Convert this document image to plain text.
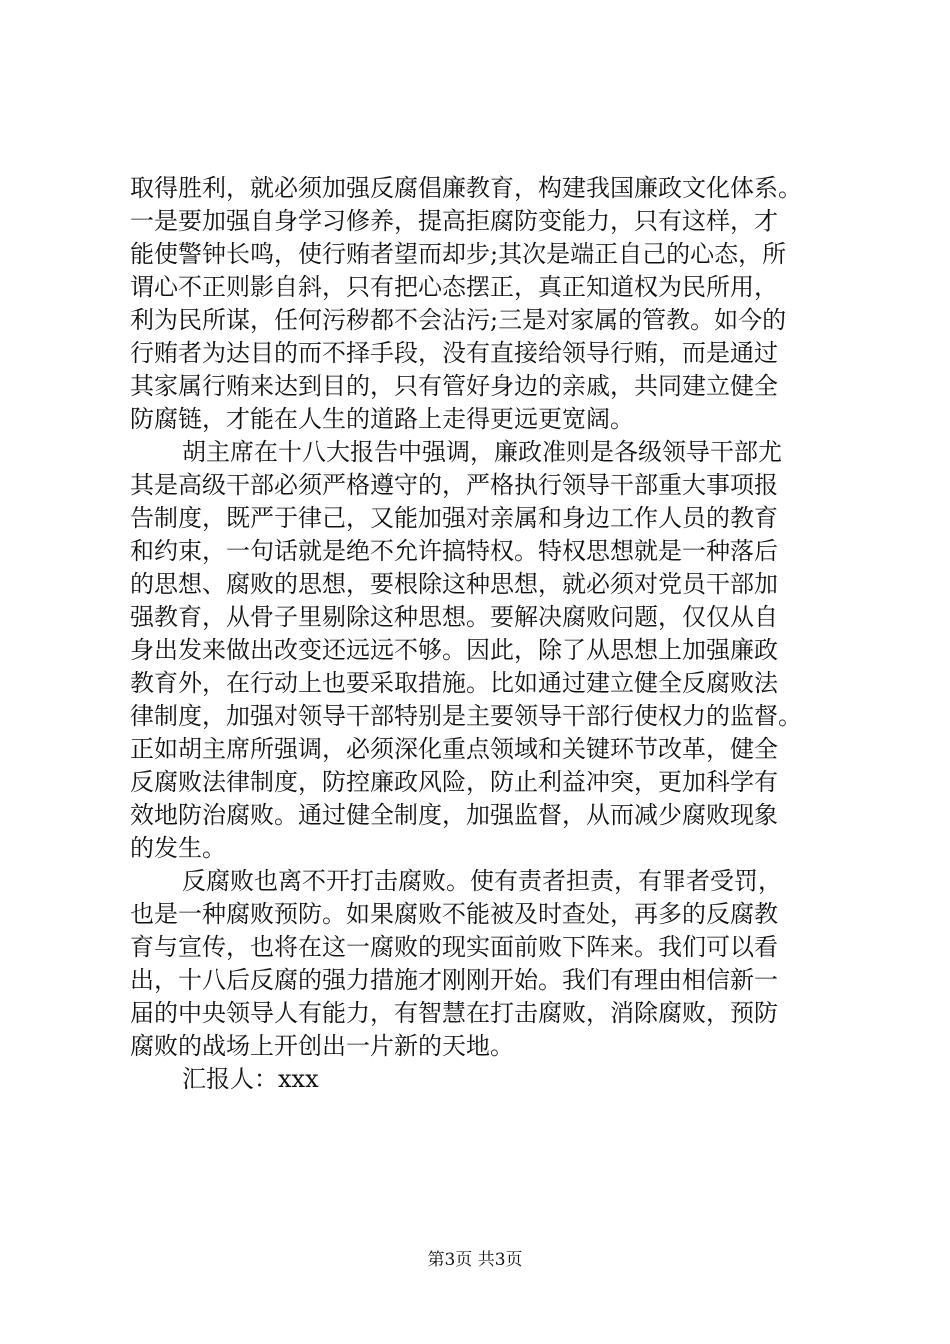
取得胜利，就必须加强反腐倡廉教育，构建我国廉政文化体系。
一是要加强自身学习修养，提高拒腐防变能力，只有这样，才
能使警钟长鸣，使行贿者望而却步;其次是端正自己的心态，所
谓心不正则影自斜，只有把心态摆正，真正知道权为民所用，
利为民所谋，任何污秽都不会沾污;三是对家属的管教。如今的
行贿者为达目的而不择手段，没有直接给领导行贿，而是通过
其家属行贿来达到目的，只有管好身边的亲戚，共同建立健全
防腐链，才能在人生的道路上走得更远更宽阔。
胡主席在十八大报告中强调，廉政准则是各级领导干部尤
其是高级干部必须严格遵守的，严格执行领导干部重大事项报
告制度，既严于律己，又能加强对亲属和身边工作人员的教育
和约束，一句话就是绝不允许搞特权。特权思想就是一种落后
的思想、腐败的思想，要根除这种思想，就必须对党员干部加
强教育，从骨子里剔除这种思想。要解决腐败问题，仅仅从自
身出发来做出改变还远远不够。因此，除了从思想上加强廉政
教育外，在行动上也要采取措施。比如通过建立健全反腐败法
律制度，加强对领导干部特别是主要领导干部行使权力的监督。
正如胡主席所强调，必须深化重点领域和关键环节改革，健全
反腐败法律制度，防控廉政风险，防止利益冲突，更加科学有
效地防治腐败。通过健全制度，加强监督，从而减少腐败现象
的发生。
反腐败也离不开打击腐败。使有责者担责，有罪者受罚，
也是一种腐败预防。如果腐败不能被及时查处，再多的反腐教
育与宣传，也将在这一腐败的现实面前败下阵来。我们可以看
出，十八后反腐的强力措施才刚刚开始。我们有理由相信新一
届的中央领导人有能力，有智慧在打击腐败，消除腐败，预防
腐败的战场上开创出一片新的天地。
汇报人：xxx
第3页 共3页
